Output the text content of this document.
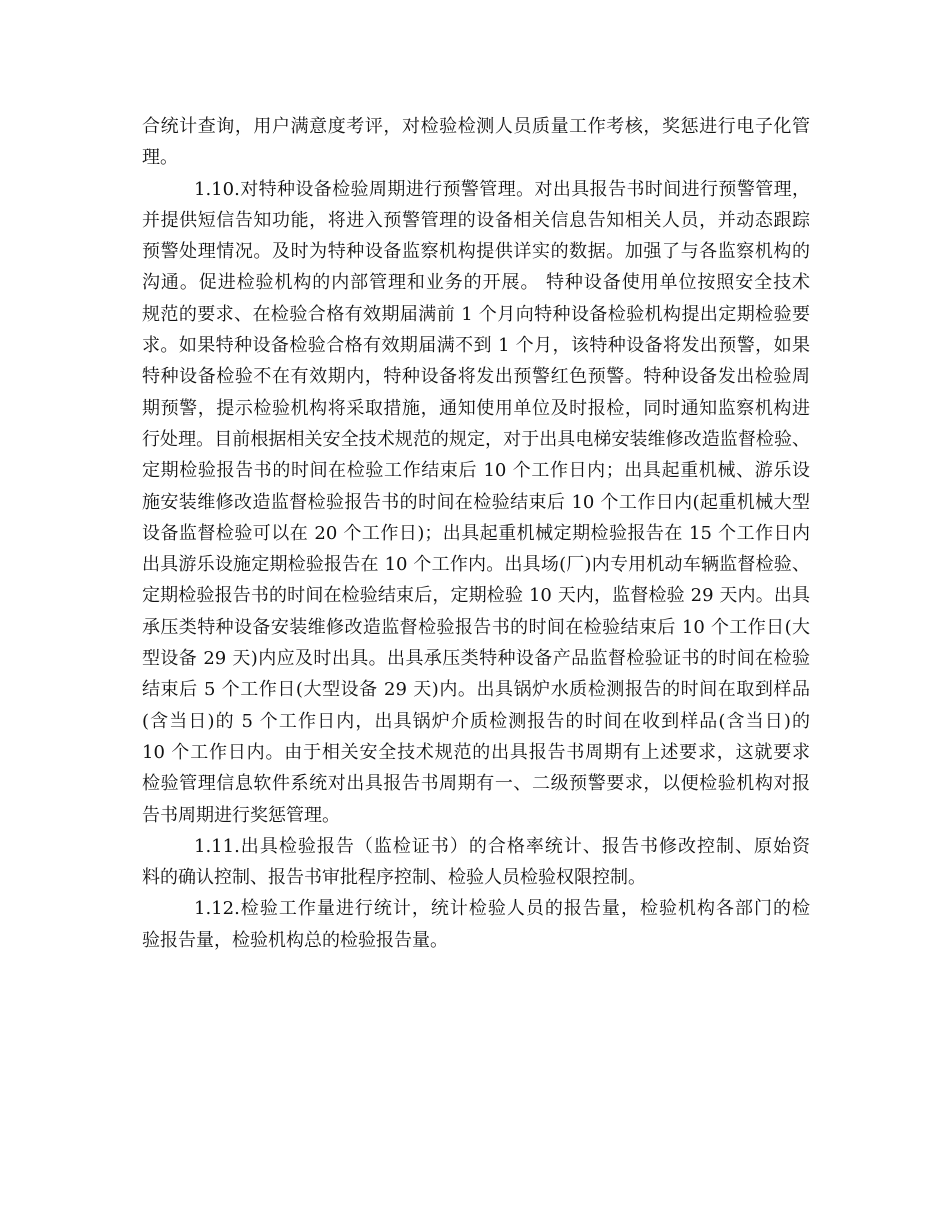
合统计查询，用户满意度考评，对检验检测人员质量工作考核，奖惩进行电子化管
理。
1.10.对特种设备检验周期进行预警管理。对出具报告书时间进行预警管理，
并提供短信告知功能，将进入预警管理的设备相关信息告知相关人员，并动态跟踪
预警处理情况。及时为特种设备监察机构提供详实的数据。加强了与各监察机构的
沟通。促进检验机构的内部管理和业务的开展。 特种设备使用单位按照安全技术
规范的要求、在检验合格有效期届满前 1 个月向特种设备检验机构提出定期检验要
求。如果特种设备检验合格有效期届满不到 1 个月，该特种设备将发出预警，如果
特种设备检验不在有效期内，特种设备将发出预警红色预警。特种设备发出检验周
期预警，提示检验机构将采取措施，通知使用单位及时报检，同时通知监察机构进
行处理。目前根据相关安全技术规范的规定，对于出具电梯安装维修改造监督检验、
定期检验报告书的时间在检验工作结束后 10 个工作日内；出具起重机械、游乐设
施安装维修改造监督检验报告书的时间在检验结束后 10 个工作日内(起重机械大型
设备监督检验可以在 20 个工作日)；出具起重机械定期检验报告在 15 个工作日内
出具游乐设施定期检验报告在 10 个工作内。出具场(厂)内专用机动车辆监督检验、
定期检验报告书的时间在检验结束后，定期检验 10 天内，监督检验 29 天内。出具
承压类特种设备安装维修改造监督检验报告书的时间在检验结束后 10 个工作日(大
型设备 29 天)内应及时出具。出具承压类特种设备产品监督检验证书的时间在检验
结束后 5 个工作日(大型设备 29 天)内。出具锅炉水质检测报告的时间在取到样品
(含当日)的 5 个工作日内，出具锅炉介质检测报告的时间在收到样品(含当日)的
10 个工作日内。由于相关安全技术规范的出具报告书周期有上述要求，这就要求
检验管理信息软件系统对出具报告书周期有一、二级预警要求，以便检验机构对报
告书周期进行奖惩管理。
1.11.出具检验报告（监检证书）的合格率统计、报告书修改控制、原始资
料的确认控制、报告书审批程序控制、检验人员检验权限控制。
1.12.检验工作量进行统计，统计检验人员的报告量，检验机构各部门的检
验报告量，检验机构总的检验报告量。
